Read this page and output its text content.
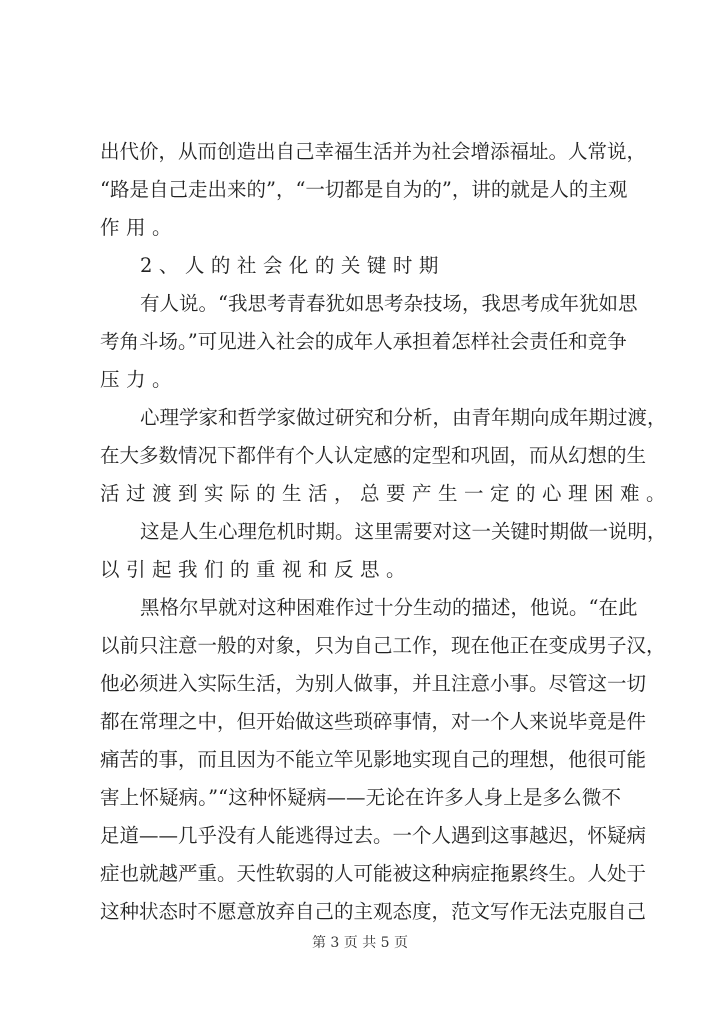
出代价，从而创造出自己幸福生活并为社会增添福址。人常说，
“路是自己走出来的”，“一切都是自为的”，讲的就是人的主观
作用。
2、人的社会化的关键时期
有人说。“我思考青春犹如思考杂技场，我思考成年犹如思
考角斗场。”可见进入社会的成年人承担着怎样社会责任和竞争
压力。
心理学家和哲学家做过研究和分析，由青年期向成年期过渡，
在大多数情况下都伴有个人认定感的定型和巩固，而从幻想的生
活过渡到实际的生活，总要产生一定的心理困难。
这是人生心理危机时期。这里需要对这一关键时期做一说明，
以引起我们的重视和反思。
黑格尔早就对这种困难作过十分生动的描述，他说。“在此
以前只注意一般的对象，只为自己工作，现在他正在变成男子汉，
他必须进入实际生活，为别人做事，并且注意小事。尽管这一切
都在常理之中，但开始做这些琐碎事情，对一个人来说毕竟是件
痛苦的事，而且因为不能立竿见影地实现自己的理想，他很可能
害上怀疑病。”“这种怀疑病——无论在许多人身上是多么微不
足道——几乎没有人能逃得过去。一个人遇到这事越迟，怀疑病
症也就越严重。天性软弱的人可能被这种病症拖累终生。人处于
这种状态时不愿意放弃自己的主观态度，范文写作无法克服自己
第 3 页 共 5 页
